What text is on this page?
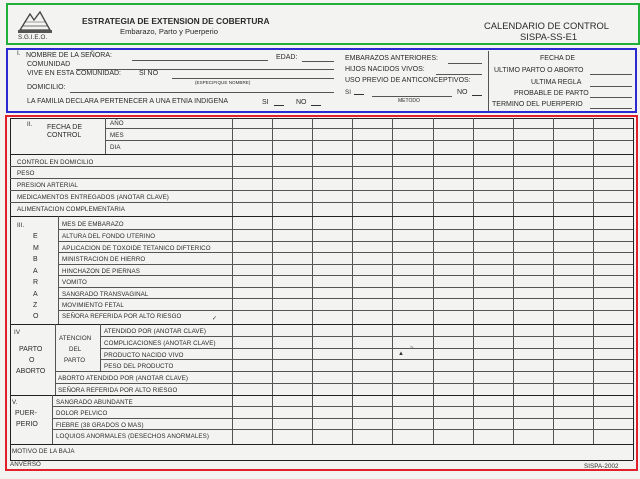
S.G.I.E.O.
ESTRATEGIA DE EXTENSION DE COBERTURA
Embarazo, Parto y Puerperio
CALENDARIO DE CONTROL
SISPA-SS-E1
I. NOMBRE DE LA SEÑORA:	EDAD:
COMUNIDAD
VIVE EN ESTA COMUNIDAD:	SI NO
(ESPECIFIQUE NOMBRE)
DOMICILIO:
LA FAMILIA DECLARA PERTENECER A UNA ETNIA INDIGENA	SI	NO
EMBARAZOS ANTERIORES:
HIJOS NACIDOS VIVOS:
USO PREVIO DE ANTICONCEPTIVOS:
SI
METODO
NO
FECHA DE
ULTIMO PARTO O ABORTO
ULTIMA REGLA
PROBABLE DE PARTO
TERMINO DEL PUERPERIO
II. FECHA DE
CONTROL
AÑO
MES
DIA
CONTROL EN DOMICILIO
PESO
PRESION ARTERIAL
MEDICAMENTOS ENTREGADOS (ANOTAR CLAVE)
ALIMENTACION COMPLEMENTARIA
III.
E
M
B
A
R
A
Z
O
MES DE EMBARAZO
ALTURA DEL FONDO UTERINO
APLICACION DE TOXOIDE TETANICO DIFTERICO
MINISTRACION DE HIERRO
HINCHAZON DE PIERNAS
VOMITO
SANGRADO TRANSVAGINAL
MOVIMIENTO FETAL
SEÑORA REFERIDA POR ALTO RIESGO
IV
PARTO
O
ABORTO
ATENCION
DEL
PARTO
ATENDIDO POR (ANOTAR CLAVE)
COMPLICACIONES (ANOTAR CLAVE)
PRODUCTO NACIDO VIVO
PESO DEL PRODUCTO
ABORTO ATENDIDO POR (ANOTAR CLAVE)
SEÑORA REFERIDA POR ALTO RIESGO
V.
PUER-
PERIO
SANGRADO ABUNDANTE
DOLOR PELVICO
FIEBRE (38 GRADOS O MAS)
LOQUIOS ANORMALES (DESECHOS ANORMALES)
MOTIVO DE LA BAJA
ANVERSO	SISPA-2002
✓
▲
